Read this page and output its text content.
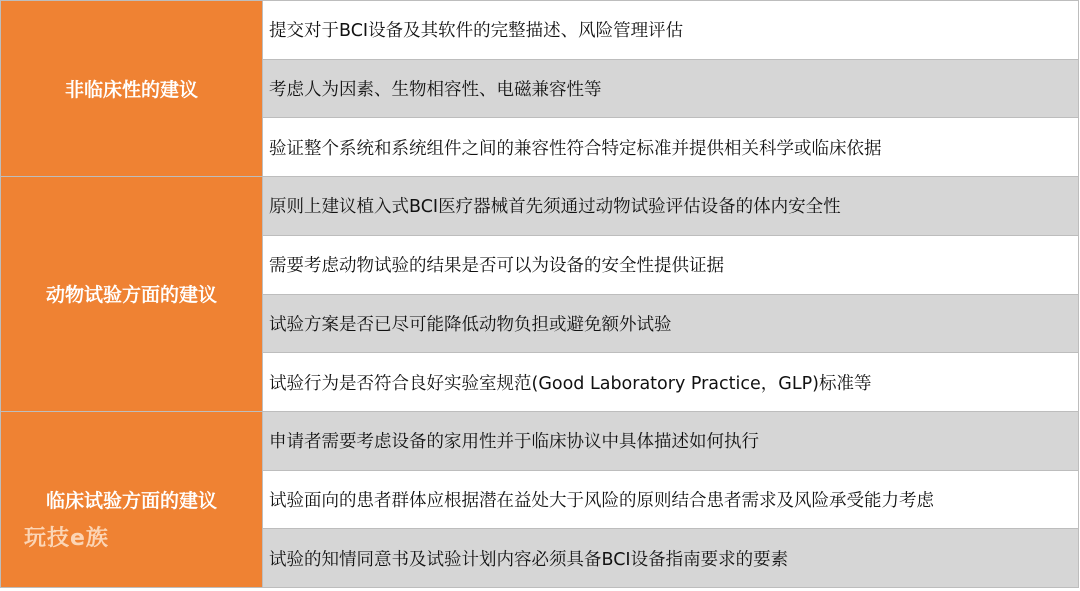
非临床性的建议
提交对于BCI设备及其软件的完整描述、风险管理评估
考虑人为因素、生物相容性、电磁兼容性等
验证整个系统和系统组件之间的兼容性符合特定标准并提供相关科学或临床依据
动物试验方面的建议
原则上建议植入式BCI医疗器械首先须通过动物试验评估设备的体内安全性
需要考虑动物试验的结果是否可以为设备的安全性提供证据
试验方案是否已尽可能降低动物负担或避免额外试验
试验行为是否符合良好实验室规范(Good Laboratory Practice，GLP)标准等
临床试验方面的建议
申请者需要考虑设备的家用性并于临床协议中具体描述如何执行
试验面向的患者群体应根据潜在益处大于风险的原则结合患者需求及风险承受能力考虑
试验的知情同意书及试验计划内容必须具备BCI设备指南要求的要素
玩技e族
